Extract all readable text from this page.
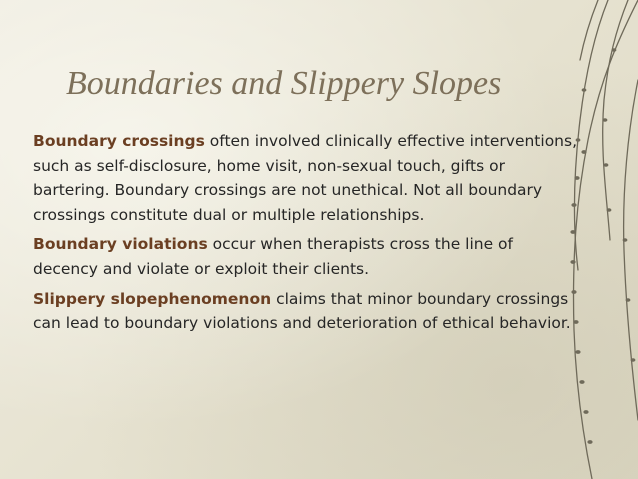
Boundaries and Slippery Slopes

Boundary crossings often involved clinically effective interventions, such as self-disclosure, home visit, non-sexual touch, gifts or bartering. Boundary crossings are not unethical. Not all boundary crossings constitute dual or multiple relationships.

Boundary violations occur when therapists cross the line of decency and violate or exploit their clients.

Slippery slopephenomenon claims that minor boundary crossings can lead to boundary violations and deterioration of ethical behavior.
